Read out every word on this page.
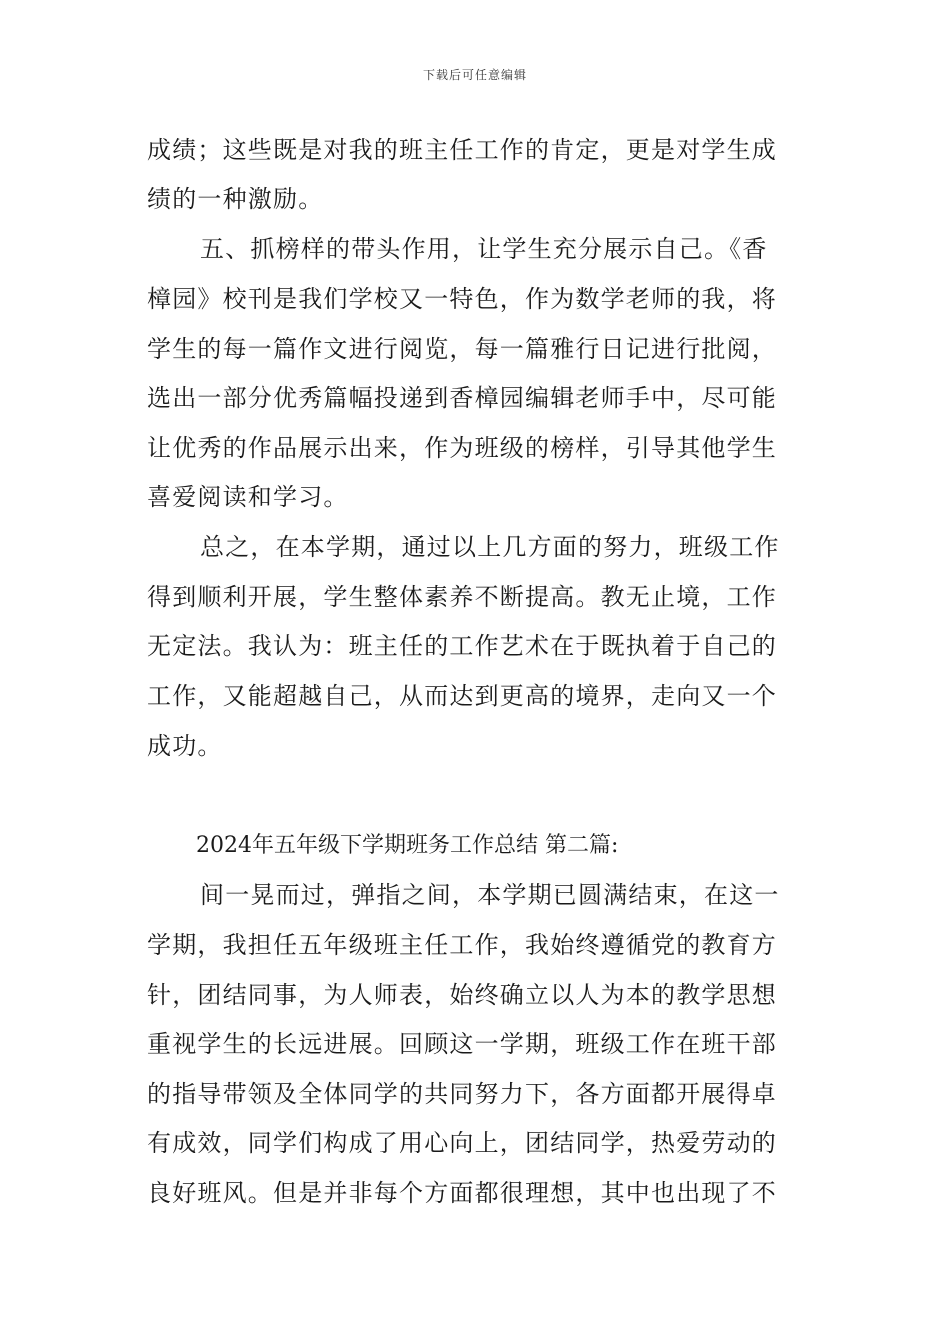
下载后可任意编辑
成绩；这些既是对我的班主任工作的肯定，更是对学生成
绩的一种激励。
五、抓榜样的带头作用，让学生充分展示自己。《香
樟园》校刊是我们学校又一特色，作为数学老师的我，将
学生的每一篇作文进行阅览，每一篇雅行日记进行批阅，
选出一部分优秀篇幅投递到香樟园编辑老师手中，尽可能
让优秀的作品展示出来，作为班级的榜样，引导其他学生
喜爱阅读和学习。
总之，在本学期，通过以上几方面的努力，班级工作
得到顺利开展，学生整体素养不断提高。教无止境，工作
无定法。我认为：班主任的工作艺术在于既执着于自己的
工作，又能超越自己，从而达到更高的境界，走向又一个
成功。
2024年五年级下学期班务工作总结 第二篇:
间一晃而过，弹指之间，本学期已圆满结束，在这一
学期，我担任五年级班主任工作，我始终遵循党的教育方
针，团结同事，为人师表，始终确立以人为本的教学思想
重视学生的长远进展。回顾这一学期，班级工作在班干部
的指导带领及全体同学的共同努力下，各方面都开展得卓
有成效，同学们构成了用心向上，团结同学，热爱劳动的
良好班风。但是并非每个方面都很理想，其中也出现了不
